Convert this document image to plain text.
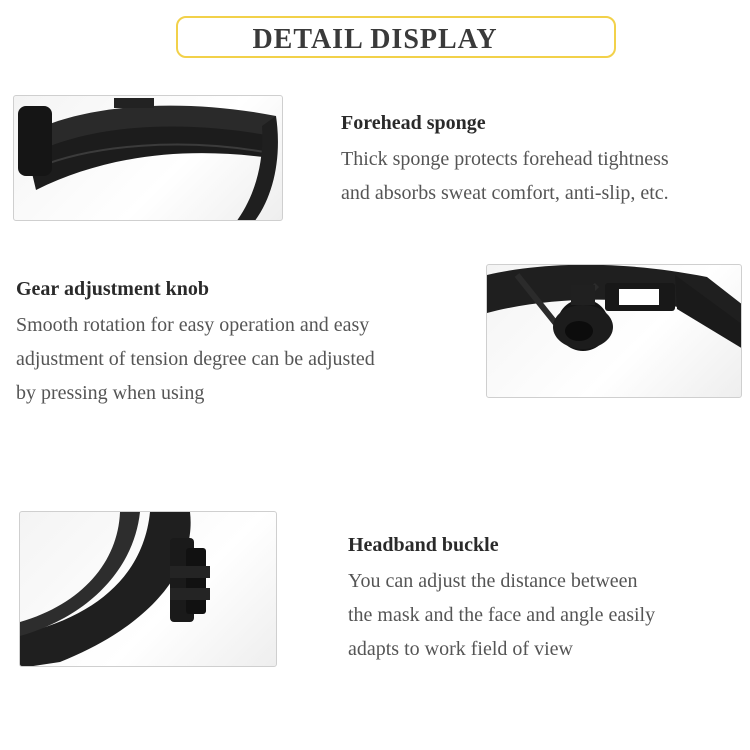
DETAIL DISPLAY
Forehead sponge

Thick sponge protects forehead tightness

and absorbs sweat comfort, anti-slip, etc.

Gear adjustment knob

Smooth rotation for easy operation and easy

adjustment of tension degree can be adjusted

by pressing when using

Headband buckle

You can adjust the distance between

the mask and the face and angle easily

adapts to work field of view
